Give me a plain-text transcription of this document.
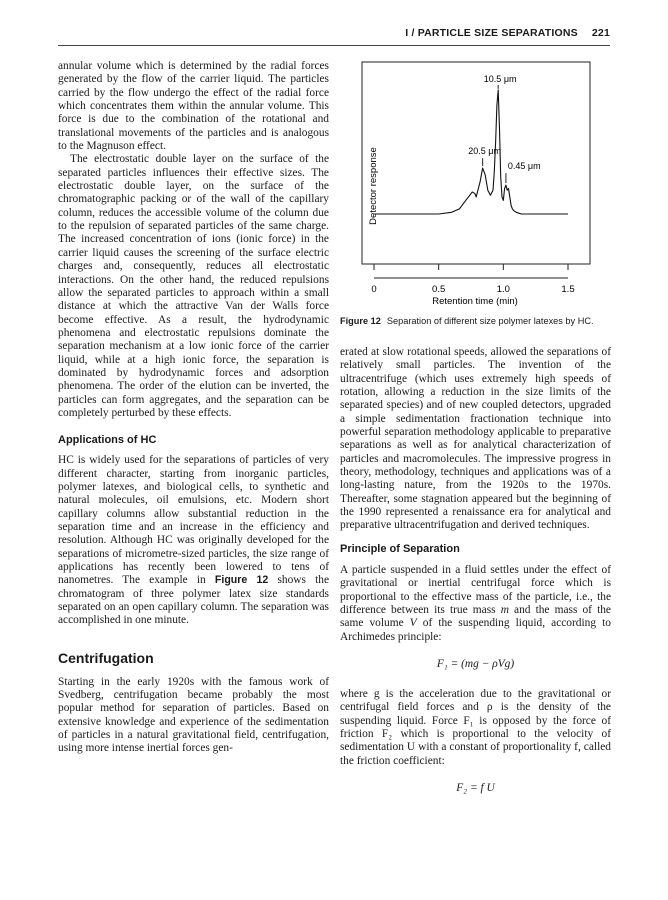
I / PARTICLE SIZE SEPARATIONS 221

annular volume which is determined by the radial forces generated by the flow of the carrier liquid. The particles carried by the flow undergo the effect of the radial force which concentrates them within the annular volume. This force is due to the combination of the rotational and translational movements of the particles and is analogous to the Magnuson effect.

The electrostatic double layer on the surface of the separated particles influences their effective sizes. The electrostatic double layer, on the surface of the chromatographic packing or of the wall of the capillary column, reduces the accessible volume of the column due to the repulsion of separated particles of the same charge. The increased concentration of ions (ionic force) in the carrier liquid causes the screening of the surface electric charges and, consequently, reduces all electrostatic interactions. On the other hand, the reduced repulsions allow the separated particles to approach within a small distance at which the attractive Van der Walls force become effective. As a result, the hydrodynamic phenomena and electrostatic repulsions dominate the separation mechanism at a low ionic force of the carrier liquid, while at a high ionic force, the separation is dominated by hydrodynamic forces and adsorption phenomena. The order of the elution can be inverted, the particles can form aggregates, and the separation can be completely perturbed by these effects.

Applications of HC

HC is widely used for the separations of particles of very different character, starting from inorganic particles, polymer latexes, and biological cells, to synthetic and natural molecules, oil emulsions, etc. Modern short capillary columns allow substantial reduction in the separation time and an increase in the efficiency and resolution. Although HC was originally developed for the separations of micrometre-sized particles, the size range of applications has recently been lowered to tens of nanometres. The example in Figure 12 shows the chromatogram of three polymer latex size standards separated on an open capillary column. The separation was accomplished in one minute.

Centrifugation

Starting in the early 1920s with the famous work of Svedberg, centrifugation became probably the most popular method for separation of particles. Based on extensive knowledge and experience of the sedimentation of particles in a natural gravitational field, centrifugation, using more intense inertial forces gen-

Detector response
Retention time (min)
0	0.5	1.0	1.5
10.5 μm
20.5 μm
0.45 μm
Figure 12 Separation of different size polymer latexes by HC.

erated at slow rotational speeds, allowed the separations of relatively small particles. The invention of the ultracentrifuge (which uses extremely high speeds of rotation, allowing a reduction in the size limits of the separated species) and of new coupled detectors, upgraded a simple sedimentation fractionation technique into powerful separation methodology applicable to preparative separations as well as for analytical characterization of particles and macromolecules. The impressive progress in theory, methodology, techniques and applications was of a long-lasting nature, from the 1920s to the 1970s. Thereafter, some stagnation appeared but the beginning of the 1990 represented a renaissance era for analytical and preparative ultracentrifugation and derived techniques.

Principle of Separation

A particle suspended in a fluid settles under the effect of gravitational or inertial centrifugal force which is proportional to the effective mass of the particle, i.e., the difference between its true mass m and the mass of the same volume V of the suspending liquid, according to Archimedes principle:

F₁ = (mg − ρVg)

where g is the acceleration due to the gravitational or centrifugal field forces and ρ is the density of the suspending liquid. Force F₁ is opposed by the force of friction F₂ which is proportional to the velocity of sedimentation U with a constant of proportionality f, called the friction coefficient:

F₂ = f U
